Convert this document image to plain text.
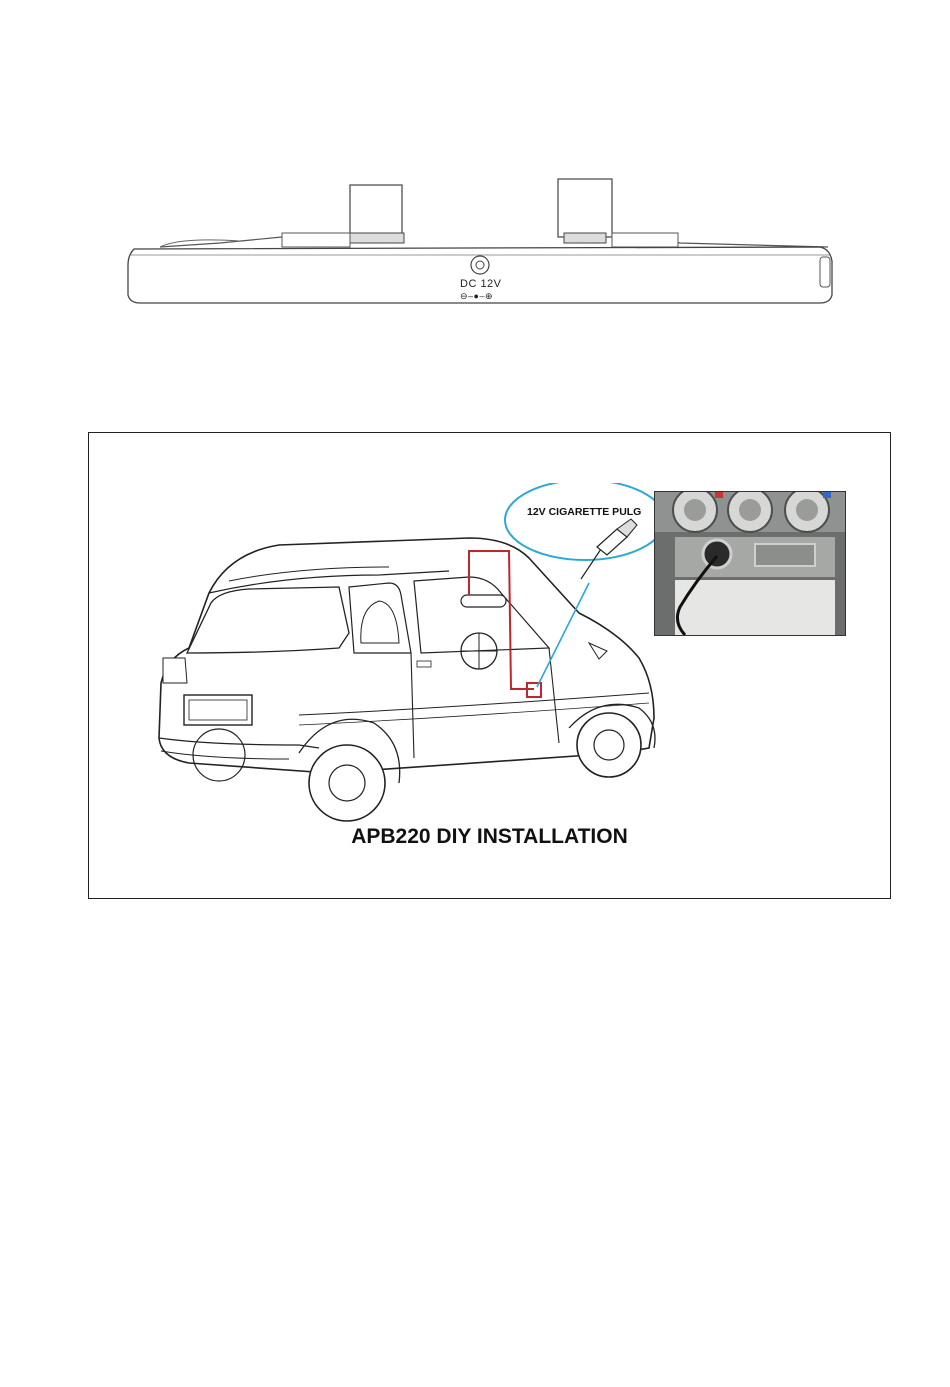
DC 12V
⊖–●–⊕
12V CIGARETTE PULG
APB220 DIY INSTALLATION
